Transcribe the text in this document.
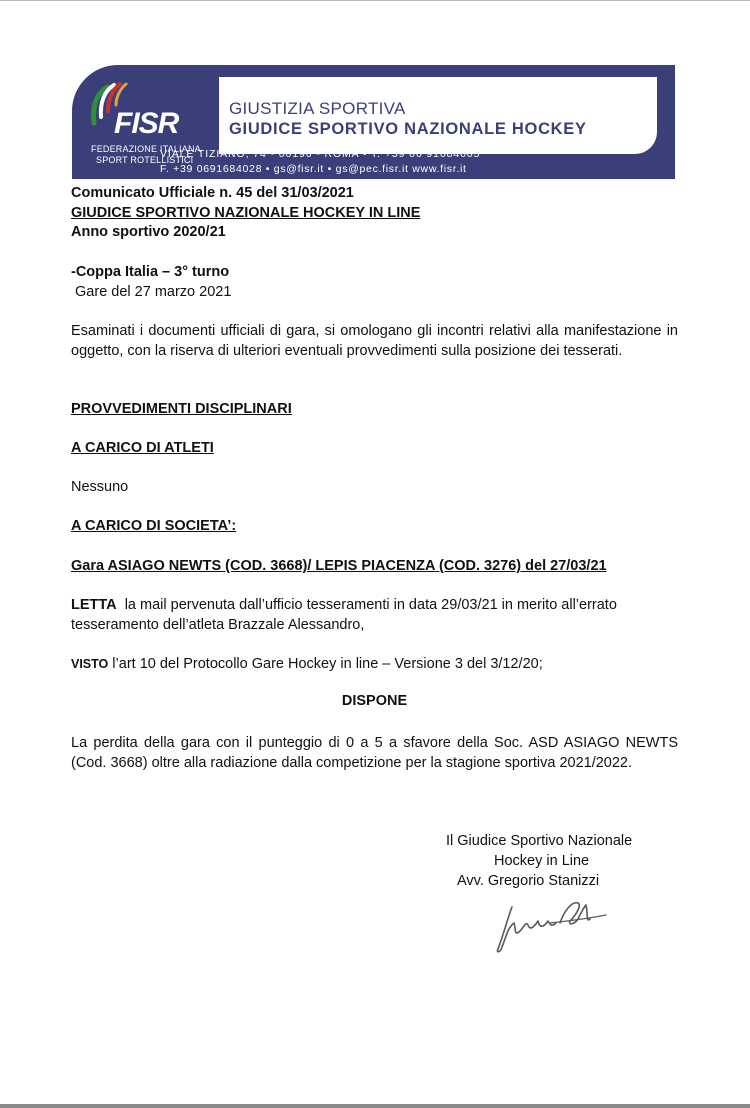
FISR
FEDERAZIONE ITALIANA
SPORT ROTELLISTICI
GIUSTIZIA SPORTIVA
GIUDICE SPORTIVO NAZIONALE HOCKEY
VIALE TIZIANO, 74 - 00196 - ROMA • T. +39 06 91684005
F. +39 0691684028 • gs@fisr.it • gs@pec.fisr.it www.fisr.it
Comunicato Ufficiale n. 45 del 31/03/2021
GIUDICE SPORTIVO NAZIONALE HOCKEY IN LINE
Anno sportivo 2020/21
-Coppa Italia – 3° turno
Gare del 27 marzo 2021
Esaminati i documenti ufficiali di gara, si omologano gli incontri relativi alla manifestazione in oggetto, con la riserva di ulteriori eventuali provvedimenti sulla posizione dei tesserati.
PROVVEDIMENTI DISCIPLINARI
A CARICO DI ATLETI
Nessuno
A CARICO DI SOCIETA’:
Gara ASIAGO NEWTS (COD. 3668)/ LEPIS PIACENZA (COD. 3276) del 27/03/21
LETTA  la mail pervenuta dall’ufficio tesseramenti in data 29/03/21 in merito all’errato
tesseramento dell’atleta Brazzale Alessandro,
VISTO l’art 10 del Protocollo Gare Hockey in line – Versione 3 del 3/12/20;
DISPONE
La perdita della gara con il punteggio di 0 a 5 a sfavore della Soc. ASD ASIAGO NEWTS (Cod. 3668) oltre alla radiazione dalla competizione per la stagione sportiva 2021/2022.
Il Giudice Sportivo Nazionale
Hockey in Line
Avv. Gregorio Stanizzi
